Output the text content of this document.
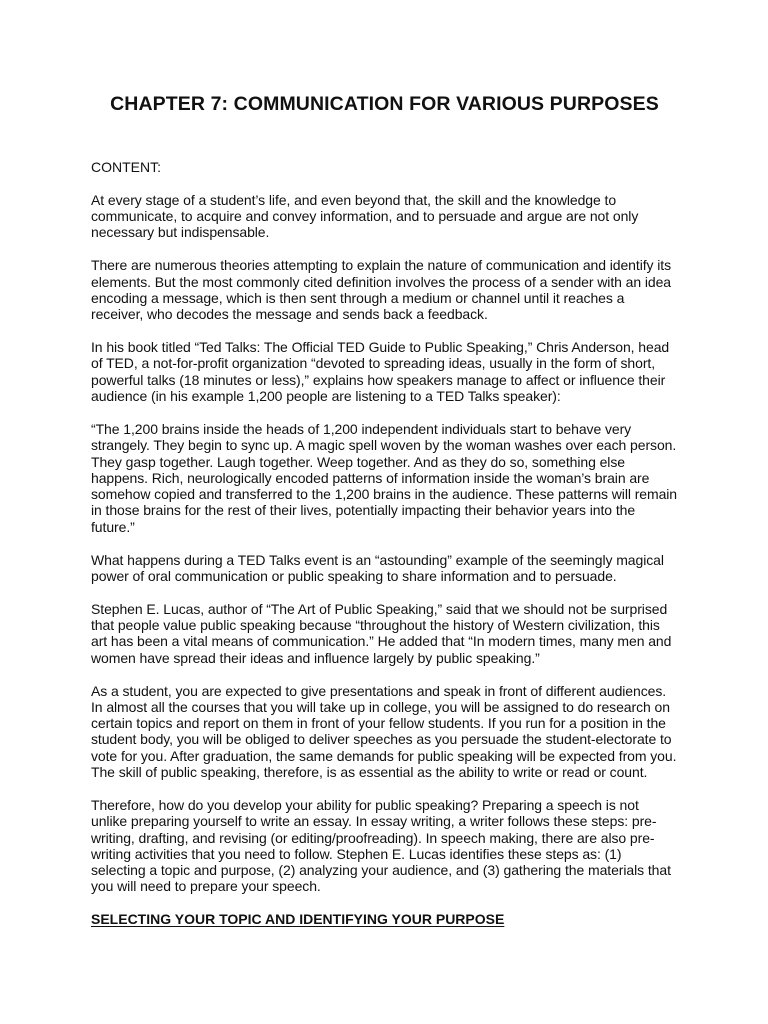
CHAPTER 7: COMMUNICATION FOR VARIOUS PURPOSES

CONTENT:

At every stage of a student’s life, and even beyond that, the skill and the knowledge to communicate, to acquire and convey information, and to persuade and argue are not only necessary but indispensable.

There are numerous theories attempting to explain the nature of communication and identify its elements. But the most commonly cited definition involves the process of a sender with an idea encoding a message, which is then sent through a medium or channel until it reaches a receiver, who decodes the message and sends back a feedback.

In his book titled “Ted Talks: The Official TED Guide to Public Speaking,” Chris Anderson, head of TED, a not-for-profit organization “devoted to spreading ideas, usually in the form of short, powerful talks (18 minutes or less),” explains how speakers manage to affect or influence their audience (in his example 1,200 people are listening to a TED Talks speaker):

“The 1,200 brains inside the heads of 1,200 independent individuals start to behave very strangely. They begin to sync up. A magic spell woven by the woman washes over each person. They gasp together. Laugh together. Weep together. And as they do so, something else happens. Rich, neurologically encoded patterns of information inside the woman’s brain are somehow copied and transferred to the 1,200 brains in the audience. These patterns will remain in those brains for the rest of their lives, potentially impacting their behavior years into the future.”

What happens during a TED Talks event is an “astounding” example of the seemingly magical power of oral communication or public speaking to share information and to persuade.

Stephen E. Lucas, author of “The Art of Public Speaking,” said that we should not be surprised that people value public speaking because “throughout the history of Western civilization, this art has been a vital means of communication.” He added that “In modern times, many men and women have spread their ideas and influence largely by public speaking.”

As a student, you are expected to give presentations and speak in front of different audiences. In almost all the courses that you will take up in college, you will be assigned to do research on certain topics and report on them in front of your fellow students. If you run for a position in the student body, you will be obliged to deliver speeches as you persuade the student-electorate to vote for you. After graduation, the same demands for public speaking will be expected from you. The skill of public speaking, therefore, is as essential as the ability to write or read or count.

Therefore, how do you develop your ability for public speaking? Preparing a speech is not unlike preparing yourself to write an essay. In essay writing, a writer follows these steps: pre-writing, drafting, and revising (or editing/proofreading). In speech making, there are also pre-writing activities that you need to follow. Stephen E. Lucas identifies these steps as: (1) selecting a topic and purpose, (2) analyzing your audience, and (3) gathering the materials that you will need to prepare your speech.

SELECTING YOUR TOPIC AND IDENTIFYING YOUR PURPOSE
